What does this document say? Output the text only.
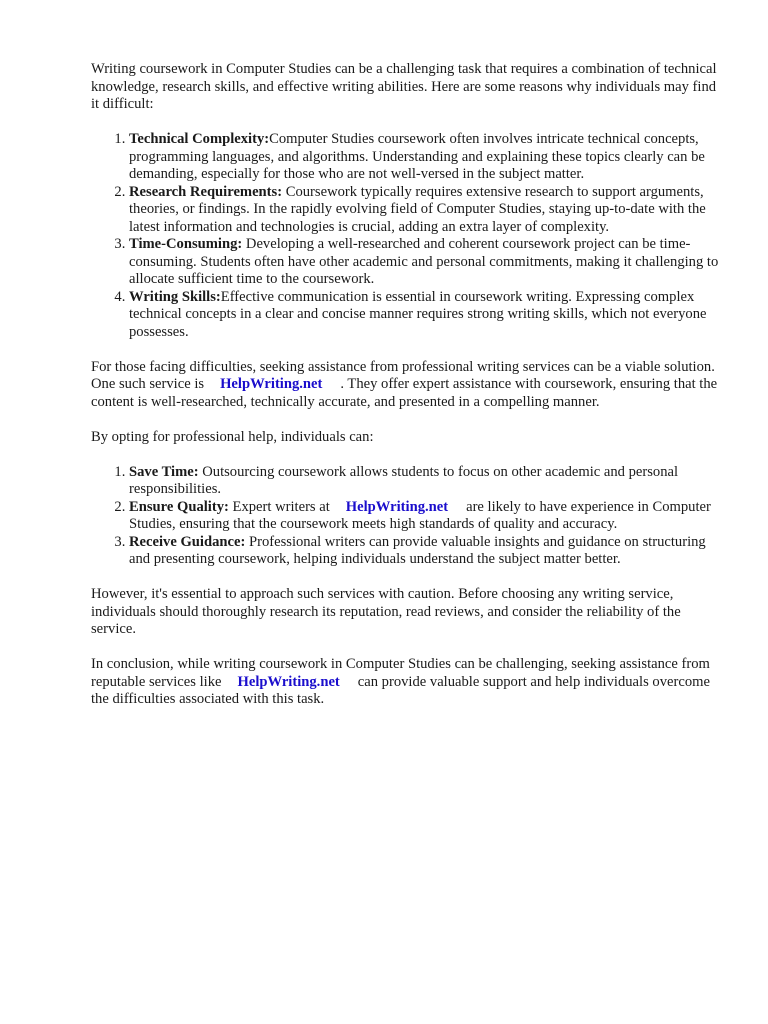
Writing coursework in Computer Studies can be a challenging task that requires a combination of technical knowledge, research skills, and effective writing abilities. Here are some reasons why individuals may find it difficult:

1. Technical Complexity:Computer Studies coursework often involves intricate technical concepts, programming languages, and algorithms. Understanding and explaining these topics clearly can be demanding, especially for those who are not well-versed in the subject matter.
2. Research Requirements: Coursework typically requires extensive research to support arguments, theories, or findings. In the rapidly evolving field of Computer Studies, staying up-to-date with the latest information and technologies is crucial, adding an extra layer of complexity.
3. Time-Consuming: Developing a well-researched and coherent coursework project can be time-consuming. Students often have other academic and personal commitments, making it challenging to allocate sufficient time to the coursework.
4. Writing Skills:Effective communication is essential in coursework writing. Expressing complex technical concepts in a clear and concise manner requires strong writing skills, which not everyone possesses.

For those facing difficulties, seeking assistance from professional writing services can be a viable solution. One such service is HelpWriting.net . They offer expert assistance with coursework, ensuring that the content is well-researched, technically accurate, and presented in a compelling manner.

By opting for professional help, individuals can:

1. Save Time: Outsourcing coursework allows students to focus on other academic and personal responsibilities.
2. Ensure Quality: Expert writers at HelpWriting.net are likely to have experience in Computer Studies, ensuring that the coursework meets high standards of quality and accuracy.
3. Receive Guidance: Professional writers can provide valuable insights and guidance on structuring and presenting coursework, helping individuals understand the subject matter better.

However, it's essential to approach such services with caution. Before choosing any writing service, individuals should thoroughly research its reputation, read reviews, and consider the reliability of the service.

In conclusion, while writing coursework in Computer Studies can be challenging, seeking assistance from reputable services like HelpWriting.net can provide valuable support and help individuals overcome the difficulties associated with this task.
